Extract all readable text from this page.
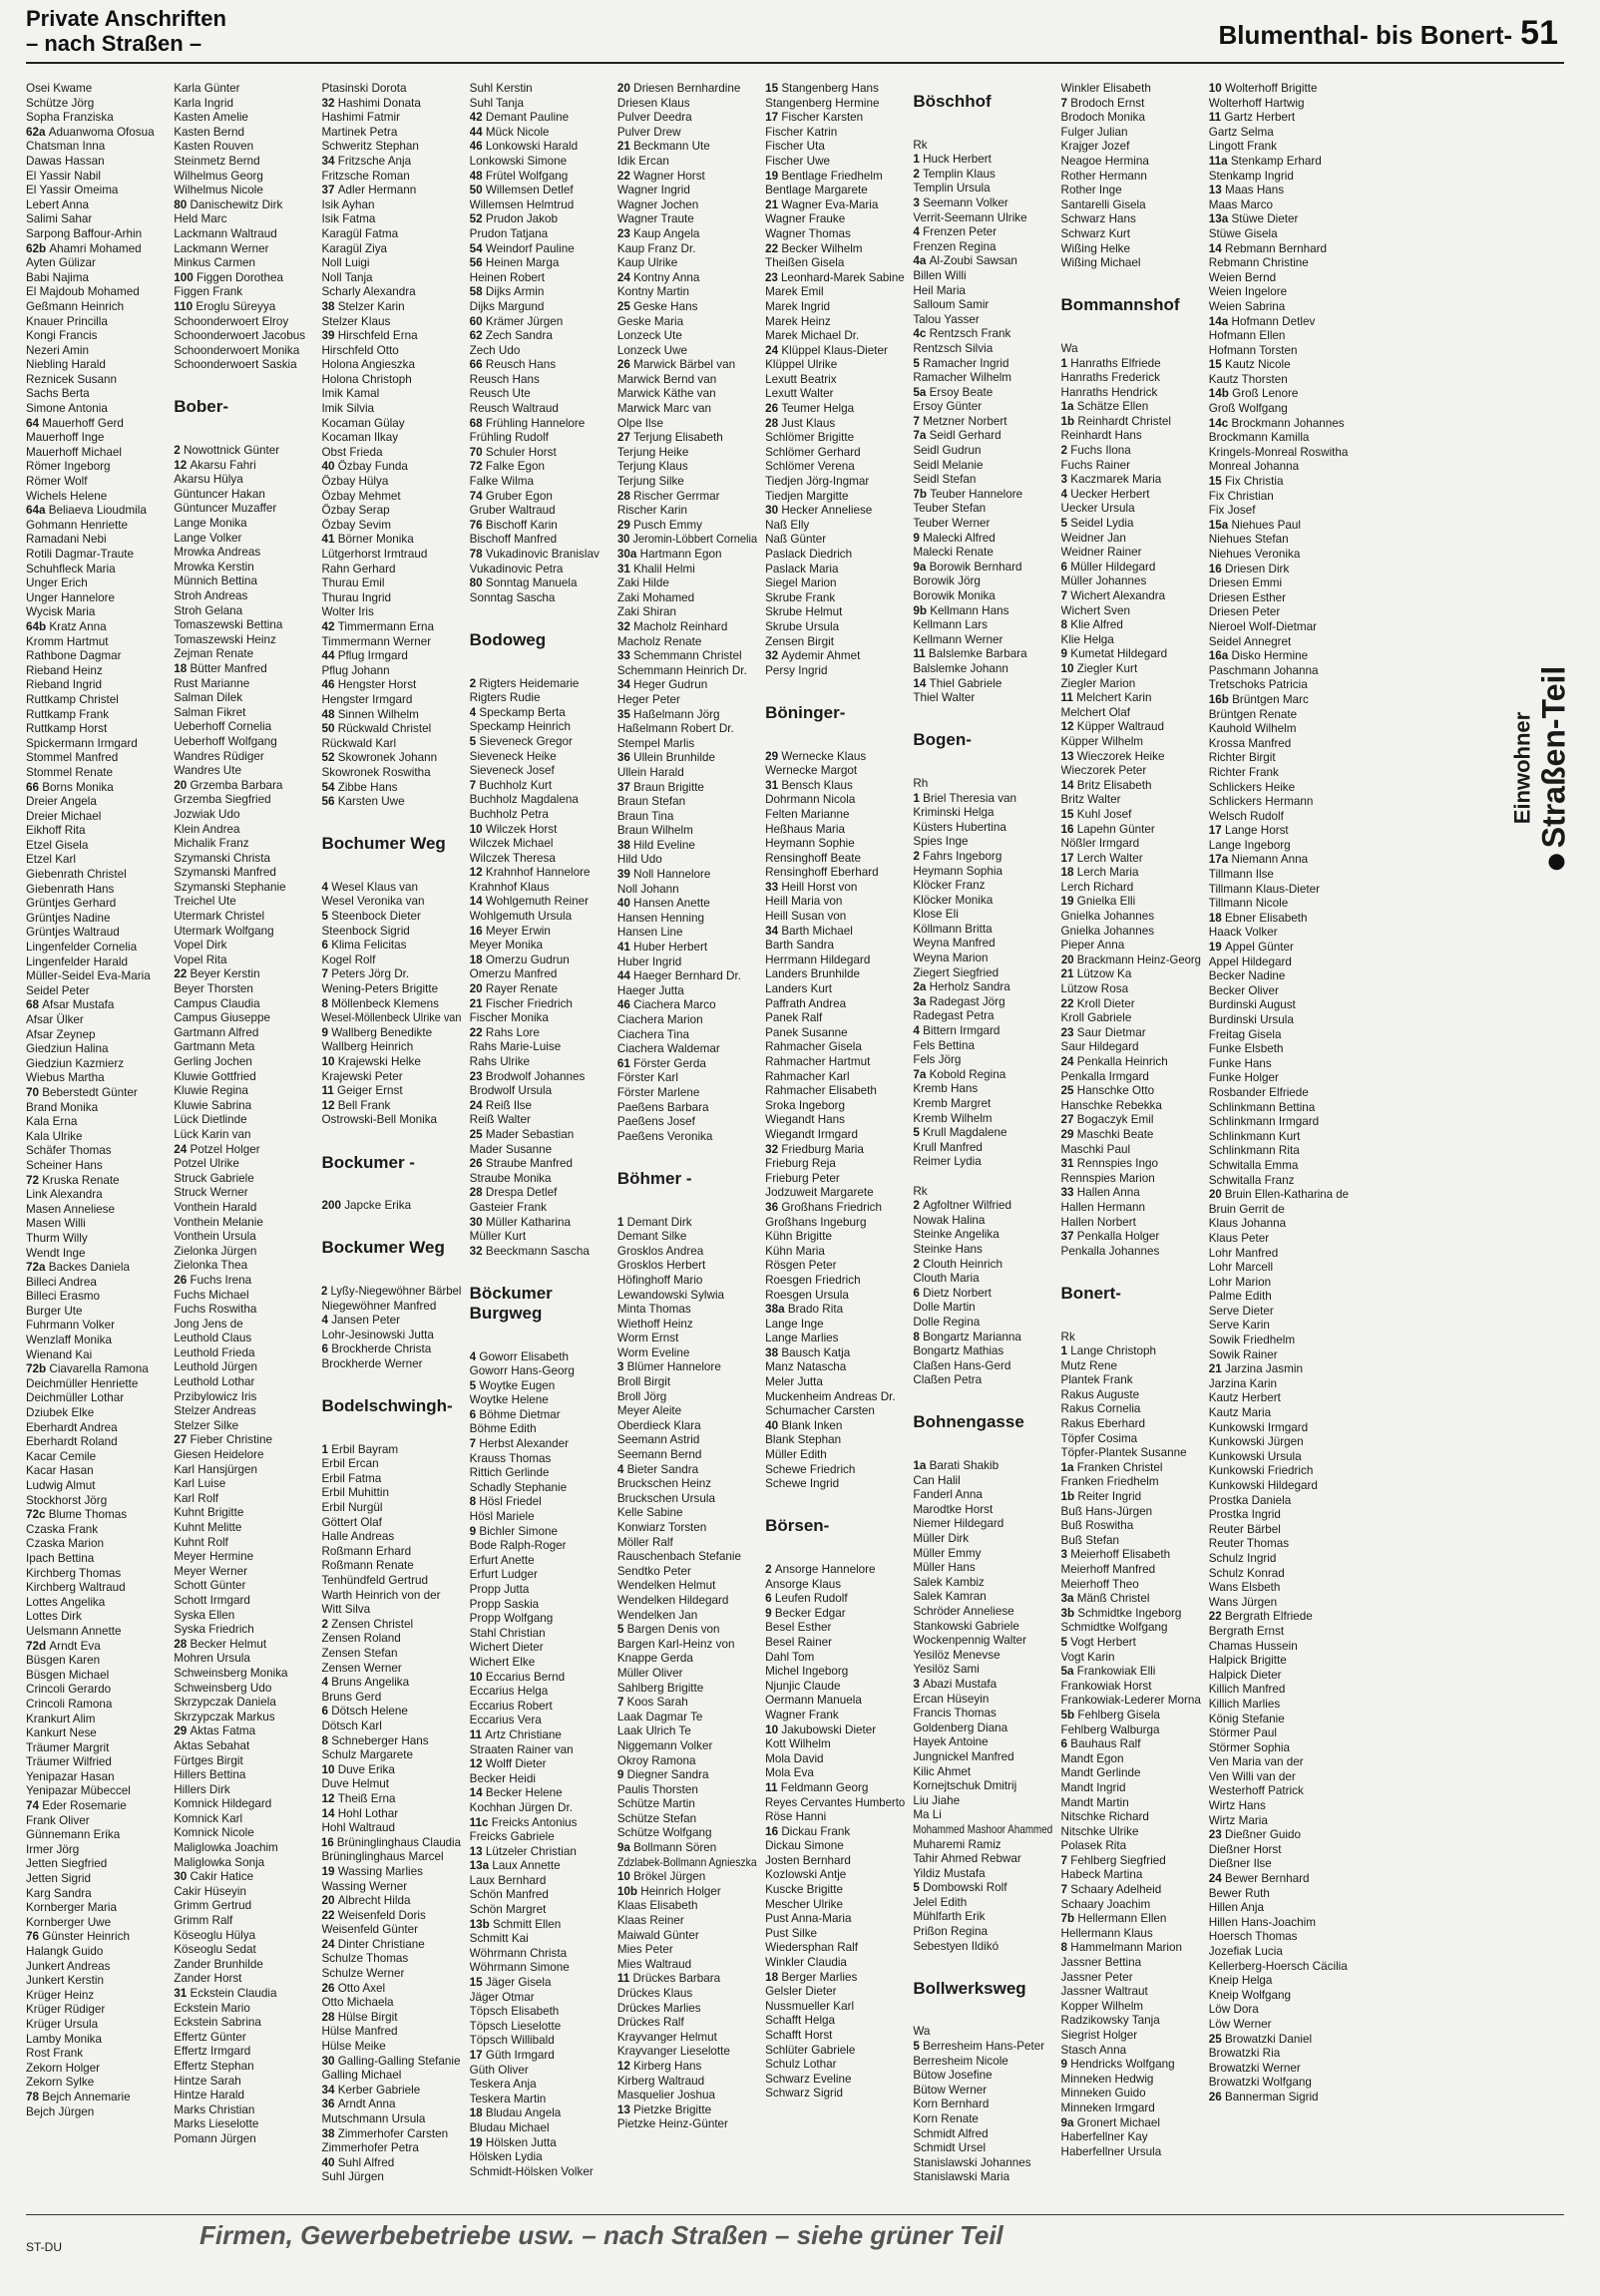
Private Anschriften
– nach Straßen –	Blumenthal- bis Bonert- 51
Osei Kwame
Schütze Jörg
Sopha Franziska
62a Aduanwoma Ofosua
Chatsman Inna
Dawas Hassan
El Yassir Nabil
El Yassir Omeima
Lebert Anna
Salimi Sahar
Sarpong Baffour-Arhin
62b Ahamri Mohamed
Ayten Gülizar
Babi Najima
El Majdoub Mohamed
Geßmann Heinrich
Knauer Princilla
Kongi Francis
Nezeri Amin
Niebling Harald
Reznicek Susann
Sachs Berta
Simone Antonia
64 Mauerhoff Gerd
Mauerhoff Inge
Mauerhoff Michael
Römer Ingeborg
Römer Wolf
Wichels Helene
64a Beliaeva Lioudmila
Gohmann Henriette
Ramadani Nebi
Rotili Dagmar-Traute
Schuhfleck Maria
Unger Erich
Unger Hannelore
Wycisk Maria
64b Kratz Anna
Kromm Hartmut
Rathbone Dagmar
Rieband Heinz
Rieband Ingrid
Ruttkamp Christel
Ruttkamp Frank
Ruttkamp Horst
Spickermann Irmgard
Stommel Manfred
Stommel Renate
66 Borns Monika
Dreier Angela
Dreier Michael
Eikhoff Rita
Etzel Gisela
Etzel Karl
Giebenrath Christel
Giebenrath Hans
Grüntjes Gerhard
Grüntjes Nadine
Grüntjes Waltraud
Lingenfelder Cornelia
Lingenfelder Harald
Müller-Seidel Eva-Maria
Seidel Peter
68 Afsar Mustafa
Afsar Ülker
Afsar Zeynep
Giedziun Halina
Giedziun Kazmierz
Wiebus Martha
70 Beberstedt Günter
Brand Monika
Kala Erna
Kala Ulrike
Schäfer Thomas
Scheiner Hans
72 Kruska Renate
Link Alexandra
Masen Anneliese
Masen Willi
Thurm Willy
Wendt Inge
72a Backes Daniela
Billeci Andrea
Billeci Erasmo
Burger Ute
Fuhrmann Volker
Wenzlaff Monika
Wienand Kai
72b Ciavarella Ramona
Deichmüller Henriette
Deichmüller Lothar
Dziubek Elke
Eberhardt Andrea
Eberhardt Roland
Kacar Cemile
Kacar Hasan
Ludwig Almut
Stockhorst Jörg
72c Blume Thomas
Czaska Frank
Czaska Marion
Ipach Bettina
Kirchberg Thomas
Kirchberg Waltraud
Lottes Angelika
Lottes Dirk
Uelsmann Annette
72d Arndt Eva
Büsgen Karen
Büsgen Michael
Crincoli Gerardo
Crincoli Ramona
Krankurt Alim
Kankurt Nese
Träumer Margrit
Träumer Wilfried
Yenipazar Hasan
Yenipazar Mübeccel
74 Eder Rosemarie
Frank Oliver
Günnemann Erika
Irmer Jörg
Jetten Siegfried
Jetten Sigrid
Karg Sandra
Kornberger Maria
Kornberger Uwe
76 Günster Heinrich
Halangk Guido
Junkert Andreas
Junkert Kerstin
Krüger Heinz
Krüger Rüdiger
Krüger Ursula
Lamby Monika
Rost Frank
Zekorn Holger
Zekorn Sylke
78 Bejch Annemarie
Bejch Jürgen
Karla Günter
Karla Ingrid
Kasten Amelie
Kasten Bernd
Kasten Rouven
Steinmetz Bernd
Wilhelmus Georg
Wilhelmus Nicole
80 Danischewitz Dirk
Held Marc
Lackmann Waltraud
Lackmann Werner
Minkus Carmen
100 Figgen Dorothea
Figgen Frank
110 Eroglu Süreyya
Schoonderwoert Elroy
Schoonderwoert Jacobus
Schoonderwoert Monika
Schoonderwoert Saskia
Bober-
2 Nowottnick Günter
12 Akarsu Fahri
Akarsu Hülya
Güntuncer Hakan
Güntuncer Muzaffer
Lange Monika
Lange Volker
Mrowka Andreas
Mrowka Kerstin
Münnich Bettina
Stroh Andreas
Stroh Gelana
Tomaszewski Bettina
Tomaszewski Heinz
Zejman Renate
18 Bütter Manfred
Rust Marianne
Salman Dilek
Salman Fikret
Ueberhoff Cornelia
Ueberhoff Wolfgang
Wandres Rüdiger
Wandres Ute
20 Grzemba Barbara
Grzemba Siegfried
Jozwiak Udo
Klein Andrea
Michalik Franz
Szymanski Christa
Szymanski Manfred
Szymanski Stephanie
Treichel Ute
Utermark Christel
Utermark Wolfgang
Vopel Dirk
Vopel Rita
22 Beyer Kerstin
Beyer Thorsten
Campus Claudia
Campus Giuseppe
Gartmann Alfred
Gartmann Meta
Gerling Jochen
Kluwie Gottfried
Kluwie Regina
Kluwie Sabrina
Lück Dietlinde
Lück Karin van
24 Potzel Holger
Potzel Ulrike
Struck Gabriele
Struck Werner
Vonthein Harald
Vonthein Melanie
Vonthein Ursula
Zielonka Jürgen
Zielonka Thea
26 Fuchs Irena
Fuchs Michael
Fuchs Roswitha
Jong Jens de
Leuthold Claus
Leuthold Frieda
Leuthold Jürgen
Leuthold Lothar
Przibylowicz Iris
Stelzer Andreas
Stelzer Silke
27 Fieber Christine
Giesen Heidelore
Karl Hansjürgen
Karl Luise
Karl Rolf
Kuhnt Brigitte
Kuhnt Melitte
Kuhnt Rolf
Meyer Hermine
Meyer Werner
Schott Günter
Schott Irmgard
Syska Ellen
Syska Friedrich
28 Becker Helmut
Mohren Ursula
Schweinsberg Monika
Schweinsberg Udo
Skrzypczak Daniela
Skrzypczak Markus
29 Aktas Fatma
Aktas Sebahat
Fürtges Birgit
Hillers Bettina
Hillers Dirk
Komnick Hildegard
Komnick Karl
Komnick Nicole
Maliglowka Joachim
Maliglowka Sonja
30 Cakir Hatice
Cakir Hüseyin
Grimm Gertrud
Grimm Ralf
Köseoglu Hülya
Köseoglu Sedat
Zander Brunhilde
Zander Horst
31 Eckstein Claudia
Eckstein Mario
Eckstein Sabrina
Effertz Günter
Effertz Irmgard
Effertz Stephan
Hintze Sarah
Hintze Harald
Marks Christian
Marks Lieselotte
Pomann Jürgen
Ptasinski Dorota
32 Hashimi Donata
Hashimi Fatmir
Martinek Petra
Schweritz Stephan
34 Fritzsche Anja
Fritzsche Roman
37 Adler Hermann
Isik Ayhan
Isik Fatma
Karagül Fatma
Karagül Ziya
Noll Luigi
Noll Tanja
Scharly Alexandra
38 Stelzer Karin
Stelzer Klaus
39 Hirschfeld Erna
Hirschfeld Otto
Holona Angieszka
Holona Christoph
Imik Kamal
Imik Silvia
Kocaman Gülay
Kocaman Ilkay
Obst Frieda
40 Özbay Funda
Özbay Hülya
Özbay Mehmet
Özbay Serap
Özbay Sevim
41 Börner Monika
Lütgerhorst Irmtraud
Rahn Gerhard
Thurau Emil
Thurau Ingrid
Wolter Iris
42 Timmermann Erna
Timmermann Werner
44 Pflug Irmgard
Pflug Johann
46 Hengster Horst
Hengster Irmgard
48 Sinnen Wilhelm
50 Rückwald Christel
Rückwald Karl
52 Skowronek Johann
Skowronek Roswitha
54 Zibbe Hans
56 Karsten Uwe
Bochumer Weg
4 Wesel Klaus van
Wesel Veronika van
5 Steenbock Dieter
Steenbock Sigrid
6 Klima Felicitas
Kogel Rolf
7 Peters Jörg Dr.
Wening-Peters Brigitte
8 Möllenbeck Klemens
Wesel-Möllenbeck Ulrike van
9 Wallberg Benedikte
Wallberg Heinrich
10 Krajewski Helke
Krajewski Peter
11 Geiger Ernst
12 Bell Frank
Ostrowski-Bell Monika
Bockumer -
200 Japcke Erika
Bockumer Weg
2 Lyßy-Niegewöhner Bärbel
Niegewöhner Manfred
4 Jansen Peter
Lohr-Jesinowski Jutta
6 Brockherde Christa
Brockherde Werner
Bodelschwingh-
1 Erbil Bayram
Erbil Ercan
Erbil Fatma
Erbil Muhittin
Erbil Nurgül
Göttert Olaf
Halle Andreas
Roßmann Erhard
Roßmann Renate
Tenhündfeld Gertrud
Warth Heinrich von der
Witt Silva
2 Zensen Christel
Zensen Roland
Zensen Stefan
Zensen Werner
4 Bruns Angelika
Bruns Gerd
6 Dötsch Helene
Dötsch Karl
8 Schneberger Hans
Schulz Margarete
10 Duve Erika
Duve Helmut
12 Theiß Erna
14 Hohl Lothar
Hohl Waltraud
16 Brüninglinghaus Claudia
Brüninglinghaus Marcel
19 Wassing Marlies
Wassing Werner
20 Albrecht Hilda
22 Weisenfeld Doris
Weisenfeld Günter
24 Dinter Christiane
Schulze Thomas
Schulze Werner
26 Otto Axel
Otto Michaela
28 Hülse Birgit
Hülse Manfred
Hülse Meike
30 Galling-Galling Stefanie
Galling Michael
34 Kerber Gabriele
36 Arndt Anna
Mutschmann Ursula
38 Zimmerhofer Carsten
Zimmerhofer Petra
40 Suhl Alfred
Suhl Jürgen
Suhl Kerstin
Suhl Tanja
42 Demant Pauline
44 Mück Nicole
46 Lonkowski Harald
Lonkowski Simone
48 Frütel Wolfgang
50 Willemsen Detlef
Willemsen Helmtrud
52 Prudon Jakob
Prudon Tatjana
54 Weindorf Pauline
56 Heinen Marga
Heinen Robert
58 Dijks Armin
Dijks Margund
60 Krämer Jürgen
62 Zech Sandra
Zech Udo
66 Reusch Hans
Reusch Hans
Reusch Ute
Reusch Waltraud
68 Frühling Hannelore
Frühling Rudolf
70 Schuler Horst
72 Falke Egon
Falke Wilma
74 Gruber Egon
Gruber Waltraud
76 Bischoff Karin
Bischoff Manfred
78 Vukadinovic Branislav
Vukadinovic Petra
80 Sonntag Manuela
Sonntag Sascha
Bodoweg
2 Rigters Heidemarie
Rigters Rudie
4 Speckamp Berta
Speckamp Heinrich
5 Sieveneck Gregor
Sieveneck Heike
Sieveneck Josef
7 Buchholz Kurt
Buchholz Magdalena
Buchholz Petra
10 Wilczek Horst
Wilczek Michael
Wilczek Theresa
12 Krahnhof Hannelore
Krahnhof Klaus
14 Wohlgemuth Reiner
Wohlgemuth Ursula
16 Meyer Erwin
Meyer Monika
18 Omerzu Gudrun
Omerzu Manfred
20 Rayer Renate
21 Fischer Friedrich
Fischer Monika
22 Rahs Lore
Rahs Marie-Luise
Rahs Ulrike
23 Brodwolf Johannes
Brodwolf Ursula
24 Reiß Ilse
Reiß Walter
25 Mader Sebastian
Mader Susanne
26 Straube Manfred
Straube Monika
28 Drespa Detlef
Gasteier Frank
30 Müller Katharina
Müller Kurt
32 Beeckmann Sascha
Böckumer Burgweg
4 Goworr Elisabeth
Goworr Hans-Georg
5 Woytke Eugen
Woytke Helene
6 Böhme Dietmar
Böhme Edith
7 Herbst Alexander
Krauss Thomas
Rittich Gerlinde
Schadly Stephanie
8 Hösl Friedel
Hösl Mariele
9 Bichler Simone
Bode Ralph-Roger
Erfurt Anette
Erfurt Ludger
Propp Jutta
Propp Saskia
Propp Wolfgang
Stahl Christian
Wichert Dieter
Wichert Elke
10 Eccarius Bernd
Eccarius Helga
Eccarius Robert
Eccarius Vera
11 Artz Christiane
Straaten Rainer van
12 Wolff Dieter
Becker Heidi
14 Becker Helene
Kochhan Jürgen Dr.
11c Freicks Antonius
Freicks Gabriele
13 Lützeler Christian
13a Laux Annette
Laux Bernhard
Schön Manfred
Schön Margret
13b Schmitt Ellen
Schmitt Kai
Wöhrmann Christa
Wöhrmann Simone
15 Jäger Gisela
Jäger Otmar
Töpsch Elisabeth
Töpsch Lieselotte
Töpsch Willibald
17 Güth Irmgard
Güth Oliver
Teskera Anja
Teskera Martin
18 Bludau Angela
Bludau Michael
19 Hölsken Jutta
Hölsken Lydia
Schmidt-Hölsken Volker
20 Driesen Bernhardine
Driesen Klaus
Pulver Deedra
Pulver Drew
21 Beckmann Ute
Idik Ercan
22 Wagner Horst
Wagner Ingrid
Wagner Jochen
Wagner Traute
23 Kaup Angela
Kaup Franz Dr.
Kaup Ulrike
24 Kontny Anna
Kontny Martin
25 Geske Hans
Geske Maria
Lonzeck Ute
Lonzeck Uwe
26 Marwick Bärbel van
Marwick Bernd van
Marwick Käthe van
Marwick Marc van
Olpe Ilse
27 Terjung Elisabeth
Terjung Heike
Terjung Klaus
Terjung Silke
28 Rischer Gerrmar
Rischer Karin
29 Pusch Emmy
30 Jeromin-Löbbert Cornelia
30a Hartmann Egon
31 Khalil Helmi
Zaki Hilde
Zaki Mohamed
Zaki Shiran
32 Macholz Reinhard
Macholz Renate
33 Schemmann Christel
Schemmann Heinrich Dr.
34 Heger Gudrun
Heger Peter
35 Haßelmann Jörg
Haßelmann Robert Dr.
Stempel Marlis
36 Ullein Brunhilde
Ullein Harald
37 Braun Brigitte
Braun Stefan
Braun Tina
Braun Wilhelm
38 Hild Eveline
Hild Udo
39 Noll Hannelore
Noll Johann
40 Hansen Anette
Hansen Henning
Hansen Line
41 Huber Herbert
Huber Ingrid
44 Haeger Bernhard Dr.
Haeger Jutta
46 Ciachera Marco
Ciachera Marion
Ciachera Tina
Ciachera Waldemar
61 Förster Gerda
Förster Karl
Förster Marlene
Paeßens Barbara
Paeßens Josef
Paeßens Veronika
Böhmer -
1 Demant Dirk
Demant Silke
Grosklos Andrea
Grosklos Herbert
Höfinghoff Mario
Lewandowski Sylwia
Minta Thomas
Wiethoff Heinz
Worm Ernst
Worm Eveline
3 Blümer Hannelore
Broll Birgit
Broll Jörg
Meyer Aleite
Oberdieck Klara
Seemann Astrid
Seemann Bernd
4 Bieter Sandra
Bruckschen Heinz
Bruckschen Ursula
Kelle Sabine
Konwiarz Torsten
Möller Ralf
Rauschenbach Stefanie
Sendtko Peter
Wendelken Helmut
Wendelken Hildegard
Wendelken Jan
5 Bargen Denis von
Bargen Karl-Heinz von
Knappe Gerda
Müller Oliver
Sahlberg Brigitte
7 Koos Sarah
Laak Dagmar Te
Laak Ulrich Te
Niggemann Volker
Okroy Ramona
9 Diegner Sandra
Paulis Thorsten
Schütze Martin
Schütze Stefan
Schütze Wolfgang
9a Bollmann Sören
Zdzlabek-Bollmann Agnieszka
10 Brökel Jürgen
10b Heinrich Holger
Klaas Elisabeth
Klaas Reiner
Maiwald Günter
Mies Peter
Mies Waltraud
11 Drückes Barbara
Drückes Klaus
Drückes Marlies
Drückes Ralf
Krayvanger Helmut
Krayvanger Lieselotte
12 Kirberg Hans
Kirberg Waltraud
Masquelier Joshua
13 Pietzke Brigitte
Pietzke Heinz-Günter
15 Stangenberg Hans
Stangenberg Hermine
17 Fischer Karsten
Fischer Katrin
Fischer Uta
Fischer Uwe
19 Bentlage Friedhelm
Bentlage Margarete
21 Wagner Eva-Maria
Wagner Frauke
Wagner Thomas
22 Becker Wilhelm
Theißen Gisela
23 Leonhard-Marek Sabine
Marek Emil
Marek Ingrid
Marek Heinz
Marek Michael Dr.
24 Klüppel Klaus-Dieter
Klüppel Ulrike
Lexutt Beatrix
Lexutt Walter
26 Teumer Helga
28 Just Klaus
Schlömer Brigitte
Schlömer Gerhard
Schlömer Verena
Tiedjen Jörg-Ingmar
Tiedjen Margitte
30 Hecker Anneliese
Naß Elly
Naß Günter
Paslack Diedrich
Paslack Maria
Siegel Marion
Skrube Frank
Skrube Helmut
Skrube Ursula
Zensen Birgit
32 Aydemir Ahmet
Persy Ingrid
Böninger-
29 Wernecke Klaus
Wernecke Margot
31 Bensch Klaus
Dohrmann Nicola
Felten Marianne
Heßhaus Maria
Heymann Sophie
Rensinghoff Beate
Rensinghoff Eberhard
33 Heill Horst von
Heill Maria von
Heill Susan von
34 Barth Michael
Barth Sandra
Herrmann Hildegard
Landers Brunhilde
Landers Kurt
Paffrath Andrea
Panek Ralf
Panek Susanne
Rahmacher Gisela
Rahmacher Hartmut
Rahmacher Karl
Rahmacher Elisabeth
Sroka Ingeborg
Wiegandt Hans
Wiegandt Irmgard
32 Friedburg Maria
Frieburg Reja
Frieburg Peter
Jodzuweit Margarete
36 Großhans Friedrich
Großhans Ingeburg
Kühn Brigitte
Kühn Maria
Rösgen Peter
Roesgen Friedrich
Roesgen Ursula
38a Brado Rita
Lange Inge
Lange Marlies
38 Bausch Katja
Manz Natascha
Meler Jutta
Muckenheim Andreas Dr.
Schumacher Carsten
40 Blank Inken
Blank Stephan
Müller Edith
Schewe Friedrich
Schewe Ingrid
Börsen-
2 Ansorge Hannelore
Ansorge Klaus
6 Leufen Rudolf
9 Becker Edgar
Besel Esther
Besel Rainer
Dahl Tom
Michel Ingeborg
Njunjic Claude
Oermann Manuela
Wagner Frank
10 Jakubowski Dieter
Kott Wilhelm
Mola David
Mola Eva
11 Feldmann Georg
Reyes Cervantes Humberto
Röse Hanni
16 Dickau Frank
Dickau Simone
Josten Bernhard
Kozlowski Antje
Kuscke Brigitte
Mescher Ulrike
Pust Anna-Maria
Pust Silke
Wiedersphan Ralf
Winkler Claudia
18 Berger Marlies
Gelsler Dieter
Nussmueller Karl
Schafft Helga
Schafft Horst
Schlüter Gabriele
Schulz Lothar
Schwarz Eveline
Schwarz Sigrid
Böschhof
Rk
1 Huck Herbert
2 Templin Klaus
Templin Ursula
3 Seemann Volker
Verrit-Seemann Ulrike
4 Frenzen Peter
Frenzen Regina
4a Al-Zoubi Sawsan
Billen Willi
Heil Maria
Salloum Samir
Talou Yasser
4c Rentzsch Frank
Rentzsch Silvia
5 Ramacher Ingrid
Ramacher Wilhelm
5a Ersoy Beate
Ersoy Günter
7 Metzner Norbert
7a Seidl Gerhard
Seidl Gudrun
Seidl Melanie
Seidl Stefan
7b Teuber Hannelore
Teuber Stefan
Teuber Werner
9 Malecki Alfred
Malecki Renate
9a Borowik Bernhard
Borowik Jörg
Borowik Monika
9b Kellmann Hans
Kellmann Lars
Kellmann Werner
11 Balslemke Barbara
Balslemke Johann
14 Thiel Gabriele
Thiel Walter
Bogen-
Rh
1 Briel Theresia van
Kriminski Helga
Küsters Hubertina
Spies Inge
2 Fahrs Ingeborg
Heymann Sophia
Klöcker Franz
Klöcker Monika
Klose Eli
Köllmann Britta
Weyna Manfred
Weyna Marion
Ziegert Siegfried
2a Herholz Sandra
3a Radegast Jörg
Radegast Petra
4 Bittern Irmgard
Fels Bettina
Fels Jörg
7a Kobold Regina
Kremb Hans
Kremb Margret
Kremb Wilhelm
5 Krull Magdalene
Krull Manfred
Reimer Lydia
Rk
2 Agfoltner Wilfried
Nowak Halina
Steinke Angelika
Steinke Hans
2 Clouth Heinrich
Clouth Maria
6 Dietz Norbert
Dolle Martin
Dolle Regina
8 Bongartz Marianna
Bongartz Mathias
Claßen Hans-Gerd
Claßen Petra
Bohnengasse
1a Barati Shakib
Can Halil
Fanderl Anna
Marodtke Horst
Niemer Hildegard
Müller Dirk
Müller Emmy
Müller Hans
Salek Kambiz
Salek Kamran
Schröder Anneliese
Stankowski Gabriele
Wockenpennig Walter
Yesilöz Menevse
Yesilöz Sami
3 Abazi Mustafa
Ercan Hüseyin
Francis Thomas
Goldenberg Diana
Hayek Antoine
Jungnickel Manfred
Kilic Ahmet
Kornejtschuk Dmitrij
Liu Jiahe
Ma Li
Mohammed Mashoor Ahammed
Muharemi Ramiz
Tahir Ahmed Rebwar
Yildiz Mustafa
5 Dombowski Rolf
Jelel Edith
Mühlfarth Erik
Prißon Regina
Sebestyen Ildikó
Bollwerksweg
Wa
5 Berresheim Hans-Peter
Berresheim Nicole
Bütow Josefine
Bütow Werner
Korn Bernhard
Korn Renate
Schmidt Alfred
Schmidt Ursel
Stanislawski Johannes
Stanislawski Maria
Winkler Elisabeth
7 Brodoch Ernst
Brodoch Monika
Fulger Julian
Krajger Jozef
Neagoe Hermina
Rother Hermann
Rother Inge
Santarelli Gisela
Schwarz Hans
Schwarz Kurt
Wißing Helke
Wißing Michael
Bommannshof
Wa
1 Hanraths Elfriede
Hanraths Frederick
Hanraths Hendrick
1a Schätze Ellen
1b Reinhardt Christel
Reinhardt Hans
2 Fuchs Ilona
Fuchs Rainer
3 Kaczmarek Maria
4 Uecker Herbert
Uecker Ursula
5 Seidel Lydia
Weidner Jan
Weidner Rainer
6 Müller Hildegard
Müller Johannes
7 Wichert Alexandra
Wichert Sven
8 Klie Alfred
Klie Helga
9 Kumetat Hildegard
10 Ziegler Kurt
Ziegler Marion
11 Melchert Karin
Melchert Olaf
12 Küpper Waltraud
Küpper Wilhelm
13 Wieczorek Heike
Wieczorek Peter
14 Britz Elisabeth
Britz Walter
15 Kuhl Josef
16 Lapehn Günter
Nößler Irmgard
17 Lerch Walter
18 Lerch Maria
Lerch Richard
19 Gnielka Elli
Gnielka Johannes
Gnielka Johannes
Pieper Anna
20 Brackmann Heinz-Georg
21 Lützow Ka
Lützow Rosa
22 Kroll Dieter
Kroll Gabriele
23 Saur Dietmar
Saur Hildegard
24 Penkalla Heinrich
Penkalla Irmgard
25 Hanschke Otto
Hanschke Rebekka
27 Bogaczyk Emil
29 Maschki Beate
Maschki Paul
31 Rennspies Ingo
Rennspies Marion
33 Hallen Anna
Hallen Hermann
Hallen Norbert
37 Penkalla Holger
Penkalla Johannes
Bonert-
Rk
1 Lange Christoph
Mutz Rene
Plantek Frank
Rakus Auguste
Rakus Cornelia
Rakus Eberhard
Töpfer Cosima
Töpfer-Plantek Susanne
1a Franken Christel
Franken Friedhelm
1b Reiter Ingrid
Buß Hans-Jürgen
Buß Roswitha
Buß Stefan
3 Meierhoff Elisabeth
Meierhoff Manfred
Meierhoff Theo
3a Mänß Christel
3b Schmidtke Ingeborg
Schmidtke Wolfgang
5 Vogt Herbert
Vogt Karin
5a Frankowiak Elli
Frankowiak Horst
Frankowiak-Lederer Morna
5b Fehlberg Gisela
Fehlberg Walburga
6 Bauhaus Ralf
Mandt Egon
Mandt Gerlinde
Mandt Ingrid
Mandt Martin
Nitschke Richard
Nitschke Ulrike
Polasek Rita
7 Fehlberg Siegfried
Habeck Martina
7 Schaary Adelheid
Schaary Joachim
7b Hellermann Ellen
Hellermann Klaus
8 Hammelmann Marion
Jassner Bettina
Jassner Peter
Jassner Waltraut
Kopper Wilhelm
Radzikowsky Tanja
Siegrist Holger
Stasch Anna
9 Hendricks Wolfgang
Minneken Hedwig
Minneken Guido
Minneken Irmgard
9a Gronert Michael
Haberfellner Kay
Haberfellner Ursula
10 Wolterhoff Brigitte
Wolterhoff Hartwig
11 Gartz Herbert
Gartz Selma
Lingott Frank
11a Stenkamp Erhard
Stenkamp Ingrid
13 Maas Hans
Maas Marco
13a Stüwe Dieter
Stüwe Gisela
14 Rebmann Bernhard
Rebmann Christine
Weien Bernd
Weien Ingelore
Weien Sabrina
14a Hofmann Detlev
Hofmann Ellen
Hofmann Torsten
15 Kautz Nicole
Kautz Thorsten
14b Groß Lenore
Groß Wolfgang
14c Brockmann Johannes
Brockmann Kamilla
Kringels-Monreal Roswitha
Monreal Johanna
15 Fix Christia
Fix Christian
Fix Josef
15a Niehues Paul
Niehues Stefan
Niehues Veronika
16 Driesen Dirk
Driesen Emmi
Driesen Esther
Driesen Peter
Nieroel Wolf-Dietmar
Seidel Annegret
16a Disko Hermine
Paschmann Johanna
Tretschoks Patricia
16b Brüntgen Marc
Brüntgen Renate
Kauhold Wilhelm
Krossa Manfred
Richter Birgit
Richter Frank
Schlickers Heike
Schlickers Hermann
Welsch Rudolf
17 Lange Horst
Lange Ingeborg
17a Niemann Anna
Tillmann Ilse
Tillmann Klaus-Dieter
Tillmann Nicole
18 Ebner Elisabeth
Haack Volker
19 Appel Günter
Appel Hildegard
Becker Nadine
Becker Oliver
Burdinski August
Burdinski Ursula
Freitag Gisela
Funke Elsbeth
Funke Hans
Funke Holger
Rosbander Elfriede
Schlinkmann Bettina
Schlinkmann Irmgard
Schlinkmann Kurt
Schlinkmann Rita
Schwitalla Emma
Schwitalla Franz
20 Bruin Ellen-Katharina de
Bruin Gerrit de
Klaus Johanna
Klaus Peter
Lohr Manfred
Lohr Marcell
Lohr Marion
Palme Edith
Serve Dieter
Serve Karin
Sowik Friedhelm
Sowik Rainer
21 Jarzina Jasmin
Jarzina Karin
Kautz Herbert
Kautz Maria
Kunkowski Irmgard
Kunkowski Jürgen
Kunkowski Ursula
Kunkowski Friedrich
Kunkowski Hildegard
Prostka Daniela
Prostka Ingrid
Reuter Bärbel
Reuter Thomas
Schulz Ingrid
Schulz Konrad
Wans Elsbeth
Wans Jürgen
22 Bergrath Elfriede
Bergrath Ernst
Chamas Hussein
Halpick Brigitte
Halpick Dieter
Killich Manfred
Killich Marlies
König Stefanie
Störmer Paul
Störmer Sophia
Ven Maria van der
Ven Willi van der
Westerhoff Patrick
Wirtz Hans
Wirtz Maria
23 Dießner Guido
Dießner Horst
Dießner Ilse
24 Bewer Bernhard
Bewer Ruth
Hillen Anja
Hillen Hans-Joachim
Hoersch Thomas
Jozefiak Lucia
Kellerberg-Hoersch Cäcilia
Kneip Helga
Kneip Wolfgang
Löw Dora
Löw Werner
25 Browatzki Daniel
Browatzki Ria
Browatzki Werner
Browatzki Wolfgang
26 Bannerman Sigrid
Einwohner Straßen-Teil
ST-DU	Firmen, Gewerbebetriebe usw. – nach Straßen – siehe grüner Teil
